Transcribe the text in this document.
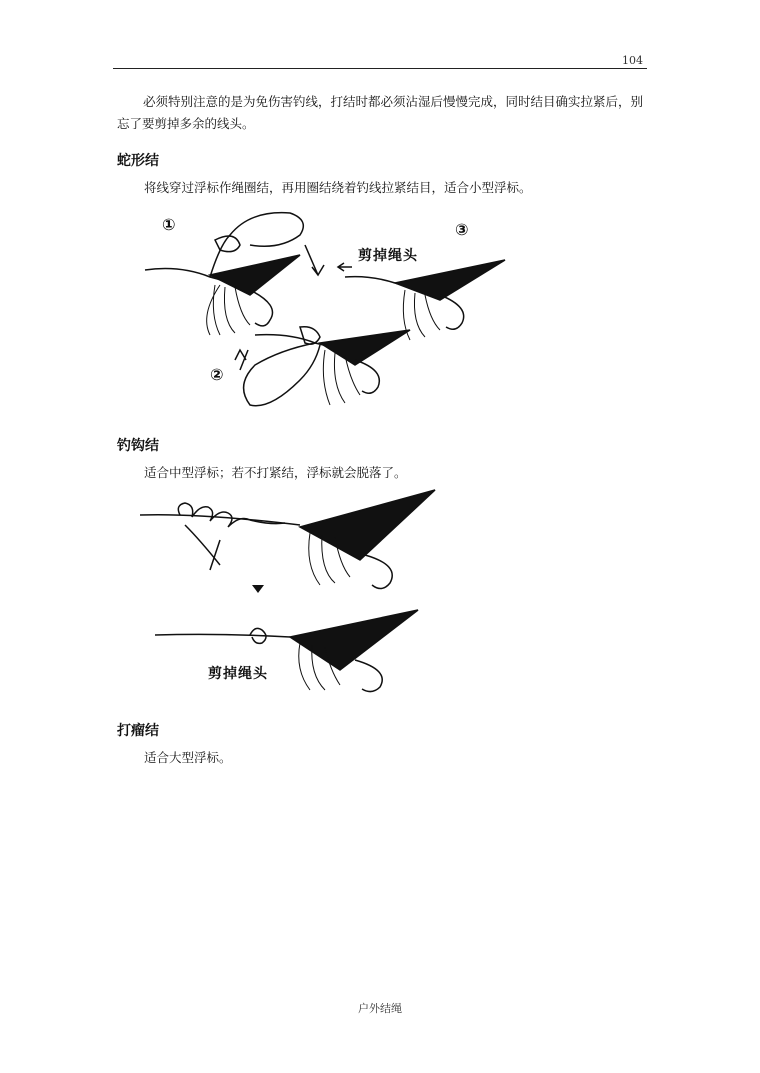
104
必须特别注意的是为免伤害钓线，打结时都必须沾湿后慢慢完成，同时结目确实拉紧后，别忘了要剪掉多余的线头。
蛇形结
将线穿过浮标作绳圈结，再用圈结绕着钓线拉紧结目，适合小型浮标。
①
②
③
剪掉绳头
钓钩结
适合中型浮标；若不打紧结，浮标就会脱落了。
剪掉绳头
打瘤结
适合大型浮标。
户外结绳
